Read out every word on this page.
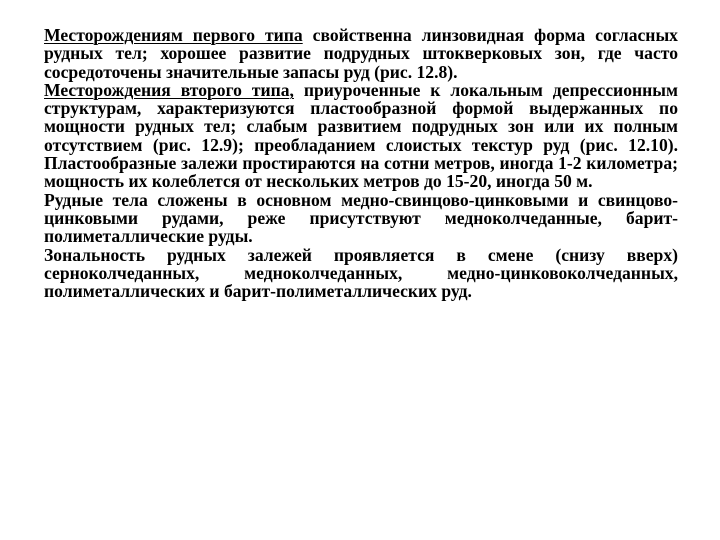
Месторождениям первого типа свойственна линзовидная форма согласных рудных тел; хорошее развитие подрудных штокверковых зон, где часто сосредоточены значительные запасы руд (рис. 12.8).

Месторождения второго типа, приуроченные к локальным депрессионным структурам, характеризуются пластообразной формой выдержанных по мощности рудных тел; слабым развитием подрудных зон или их полным отсутствием (рис. 12.9); преобладанием слоистых текстур руд (рис. 12.10). Пластообразные залежи простираются на сотни метров, иногда 1-2 километра; мощность их колеблется от нескольких метров до 15-20, иногда 50 м.

Рудные тела сложены в основном медно-свинцово-цинковыми и свинцово-цинковыми рудами, реже присутствуют медноколчеданные, барит-полиметаллические руды.

Зональность рудных залежей проявляется в смене (снизу вверх) серноколчеданных, медноколчеданных, медно-цинковоколчеданных, полиметаллических и барит-полиметаллических руд.
